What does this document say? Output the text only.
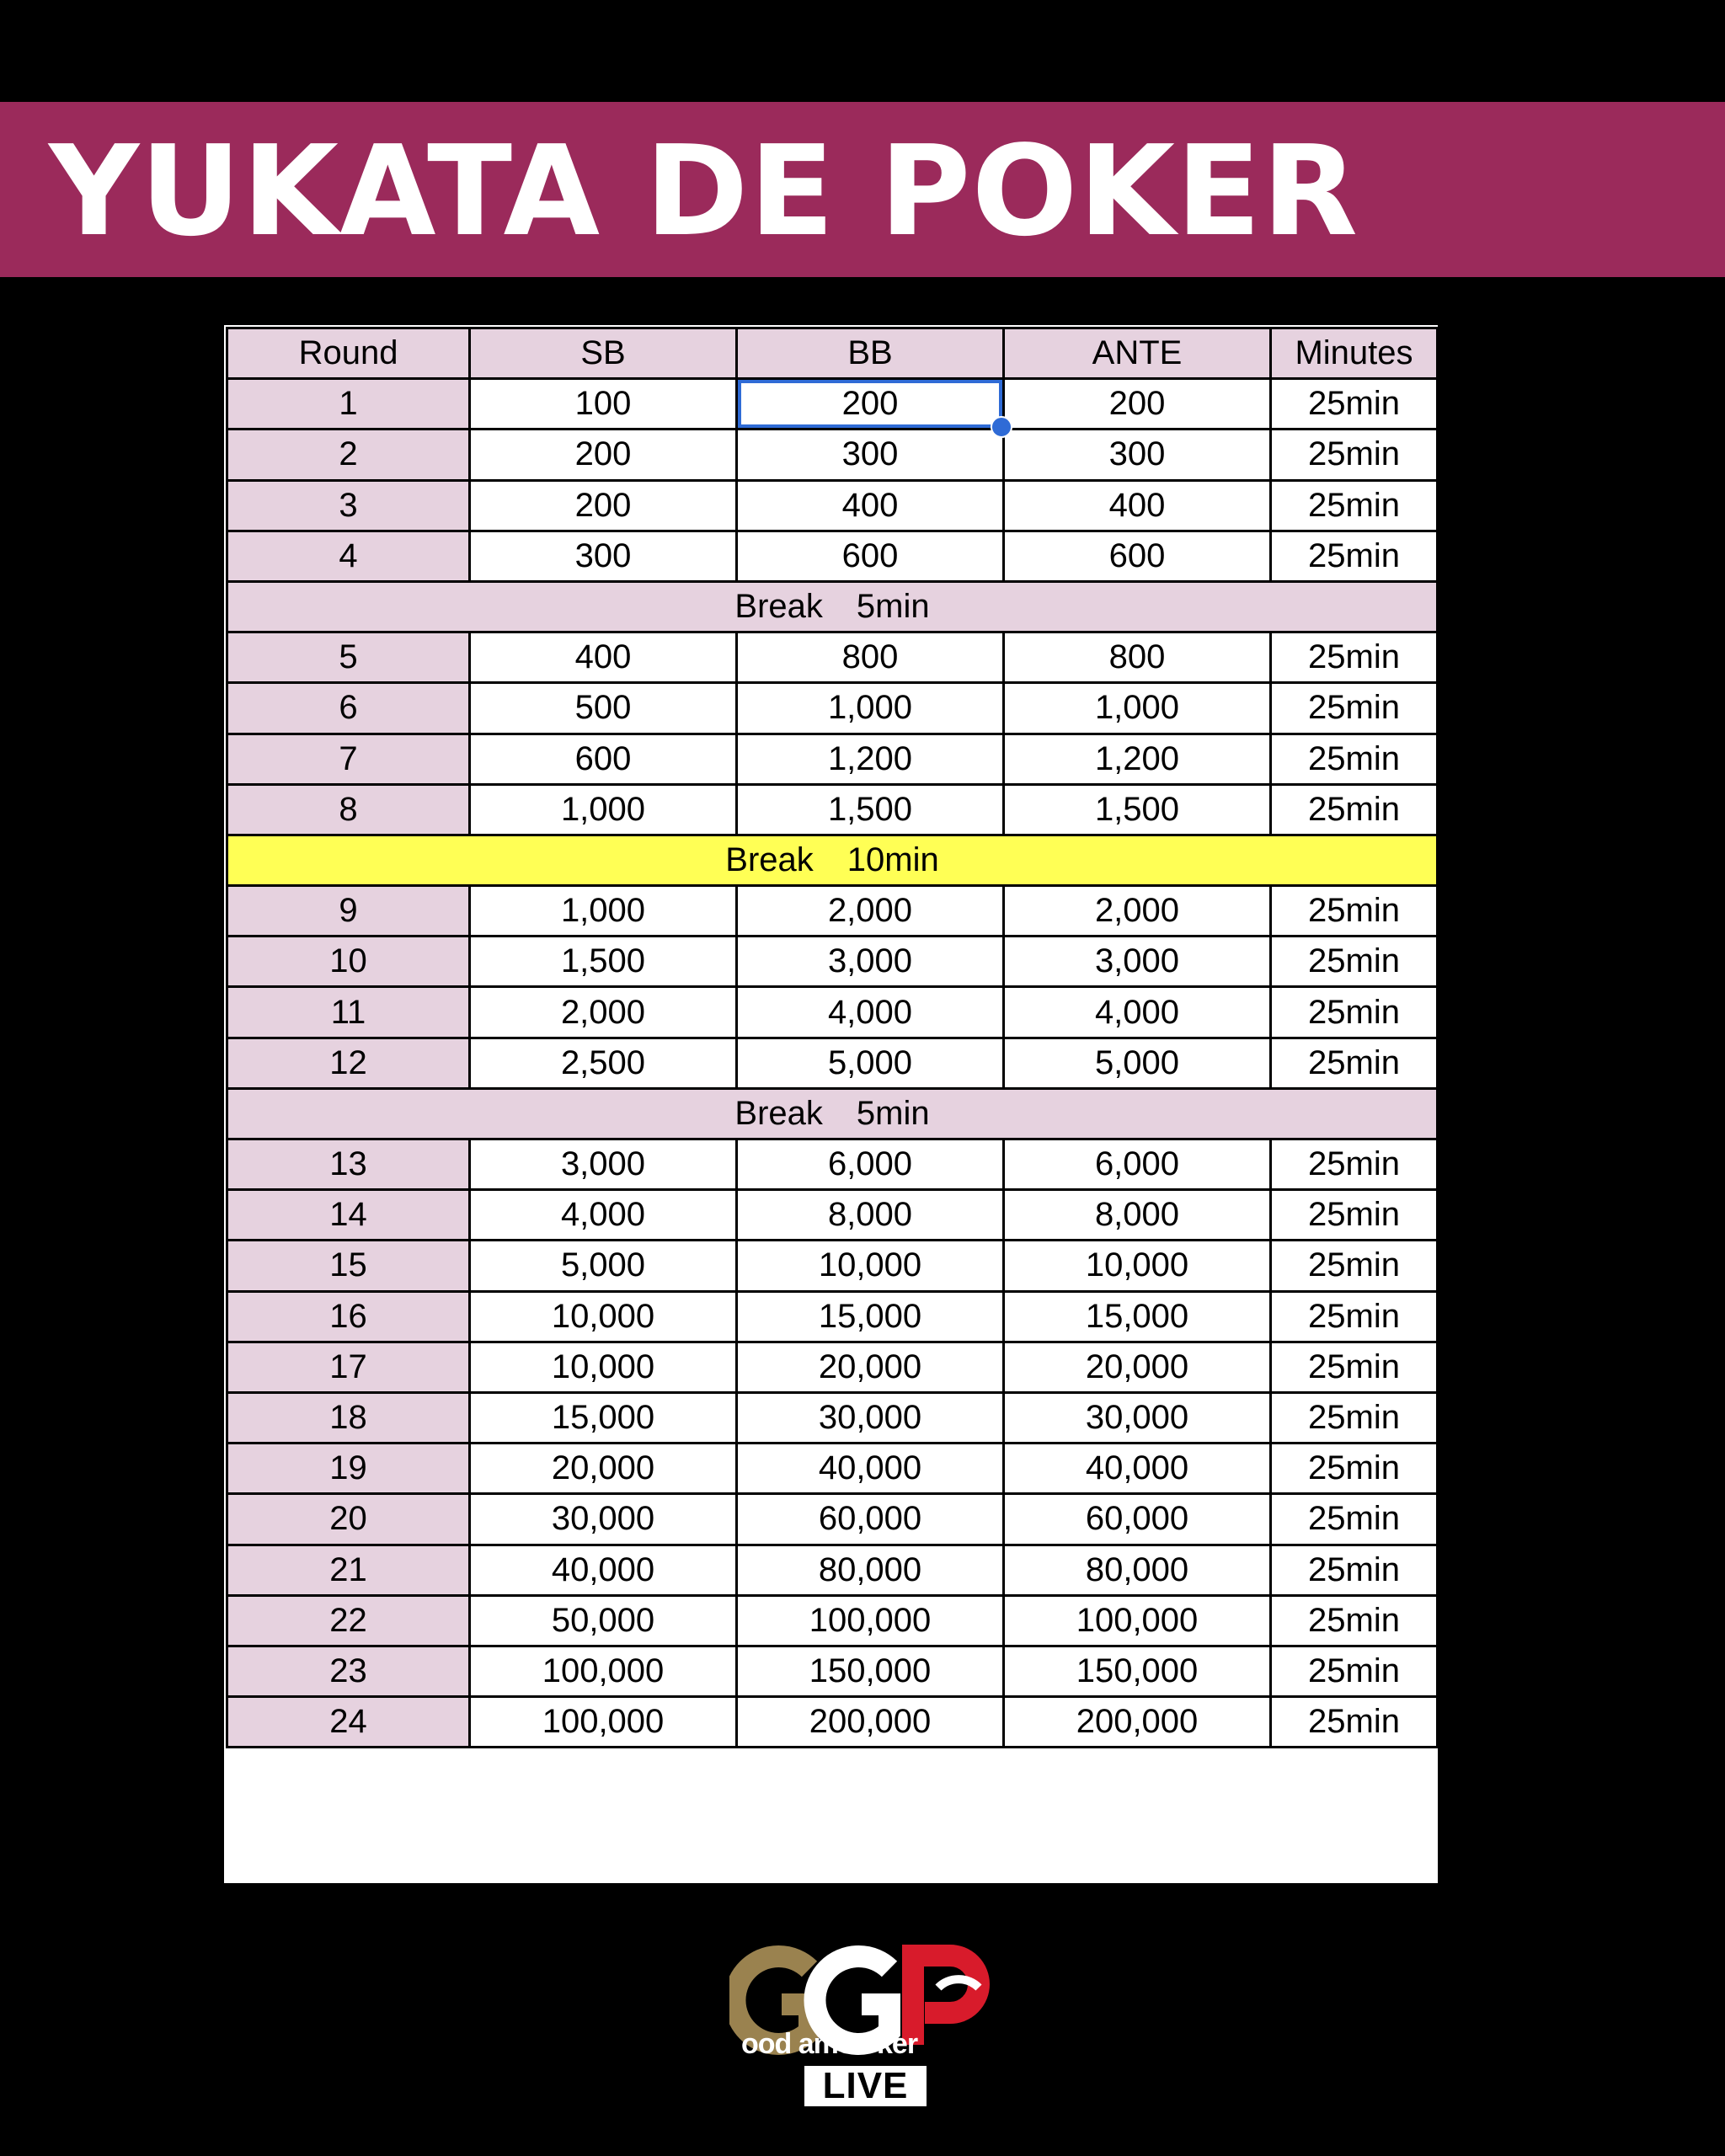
YUKATA DE POKER
Round	SB	BB	ANTE	Minutes
1	100	200	200	25min
2	200	300	300	25min
3	200	400	400	25min
4	300	600	600	25min
Break 5min				
5	400	800	800	25min
6	500	1,000	1,000	25min
7	600	1,200	1,200	25min
8	1,000	1,500	1,500	25min
Break 10min				
9	1,000	2,000	2,000	25min
10	1,500	3,000	3,000	25min
11	2,000	4,000	4,000	25min
12	2,500	5,000	5,000	25min
Break 5min				
13	3,000	6,000	6,000	25min
14	4,000	8,000	8,000	25min
15	5,000	10,000	10,000	25min
16	10,000	15,000	15,000	25min
17	10,000	20,000	20,000	25min
18	15,000	30,000	30,000	25min
19	20,000	40,000	40,000	25min
20	30,000	60,000	60,000	25min
21	40,000	80,000	80,000	25min
22	50,000	100,000	100,000	25min
23	100,000	150,000	150,000	25min
24	100,000	200,000	200,000	25min
ood ame oker
LIVE
